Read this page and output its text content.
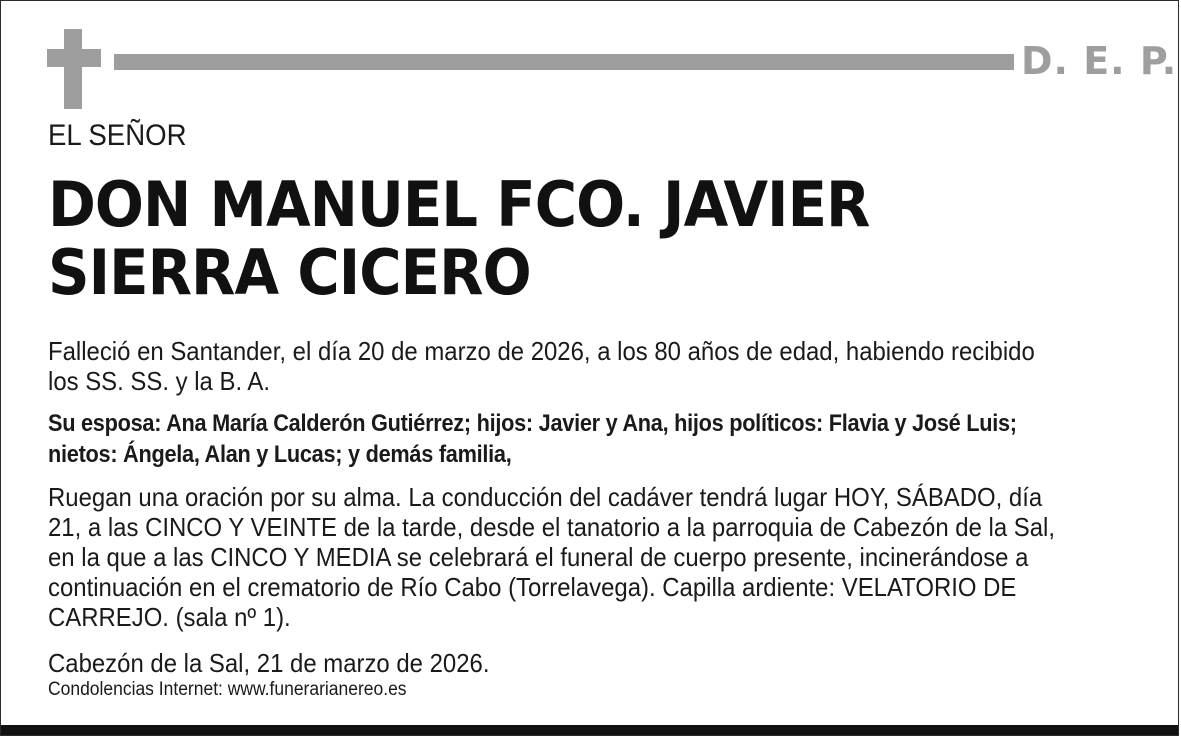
D. E. P.
EL SEÑOR
DON MANUEL FCO. JAVIER
SIERRA CICERO
Falleció en Santander, el día 20 de marzo de 2026, a los 80 años de edad, habiendo recibido
los SS. SS. y la B. A.
Su esposa: Ana María Calderón Gutiérrez; hijos: Javier y Ana, hijos políticos: Flavia y José Luis;
nietos: Ángela, Alan y Lucas; y demás familia,
Ruegan una oración por su alma. La conducción del cadáver tendrá lugar HOY, SÁBADO, día
21, a las CINCO Y VEINTE de la tarde, desde el tanatorio a la parroquia de Cabezón de la Sal,
en la que a las CINCO Y MEDIA se celebrará el funeral de cuerpo presente, incinerándose a
continuación en el crematorio de Río Cabo (Torrelavega). Capilla ardiente: VELATORIO DE
CARREJO. (sala nº 1).
Cabezón de la Sal, 21 de marzo de 2026.
Condolencias Internet: www.funerarianereo.es
